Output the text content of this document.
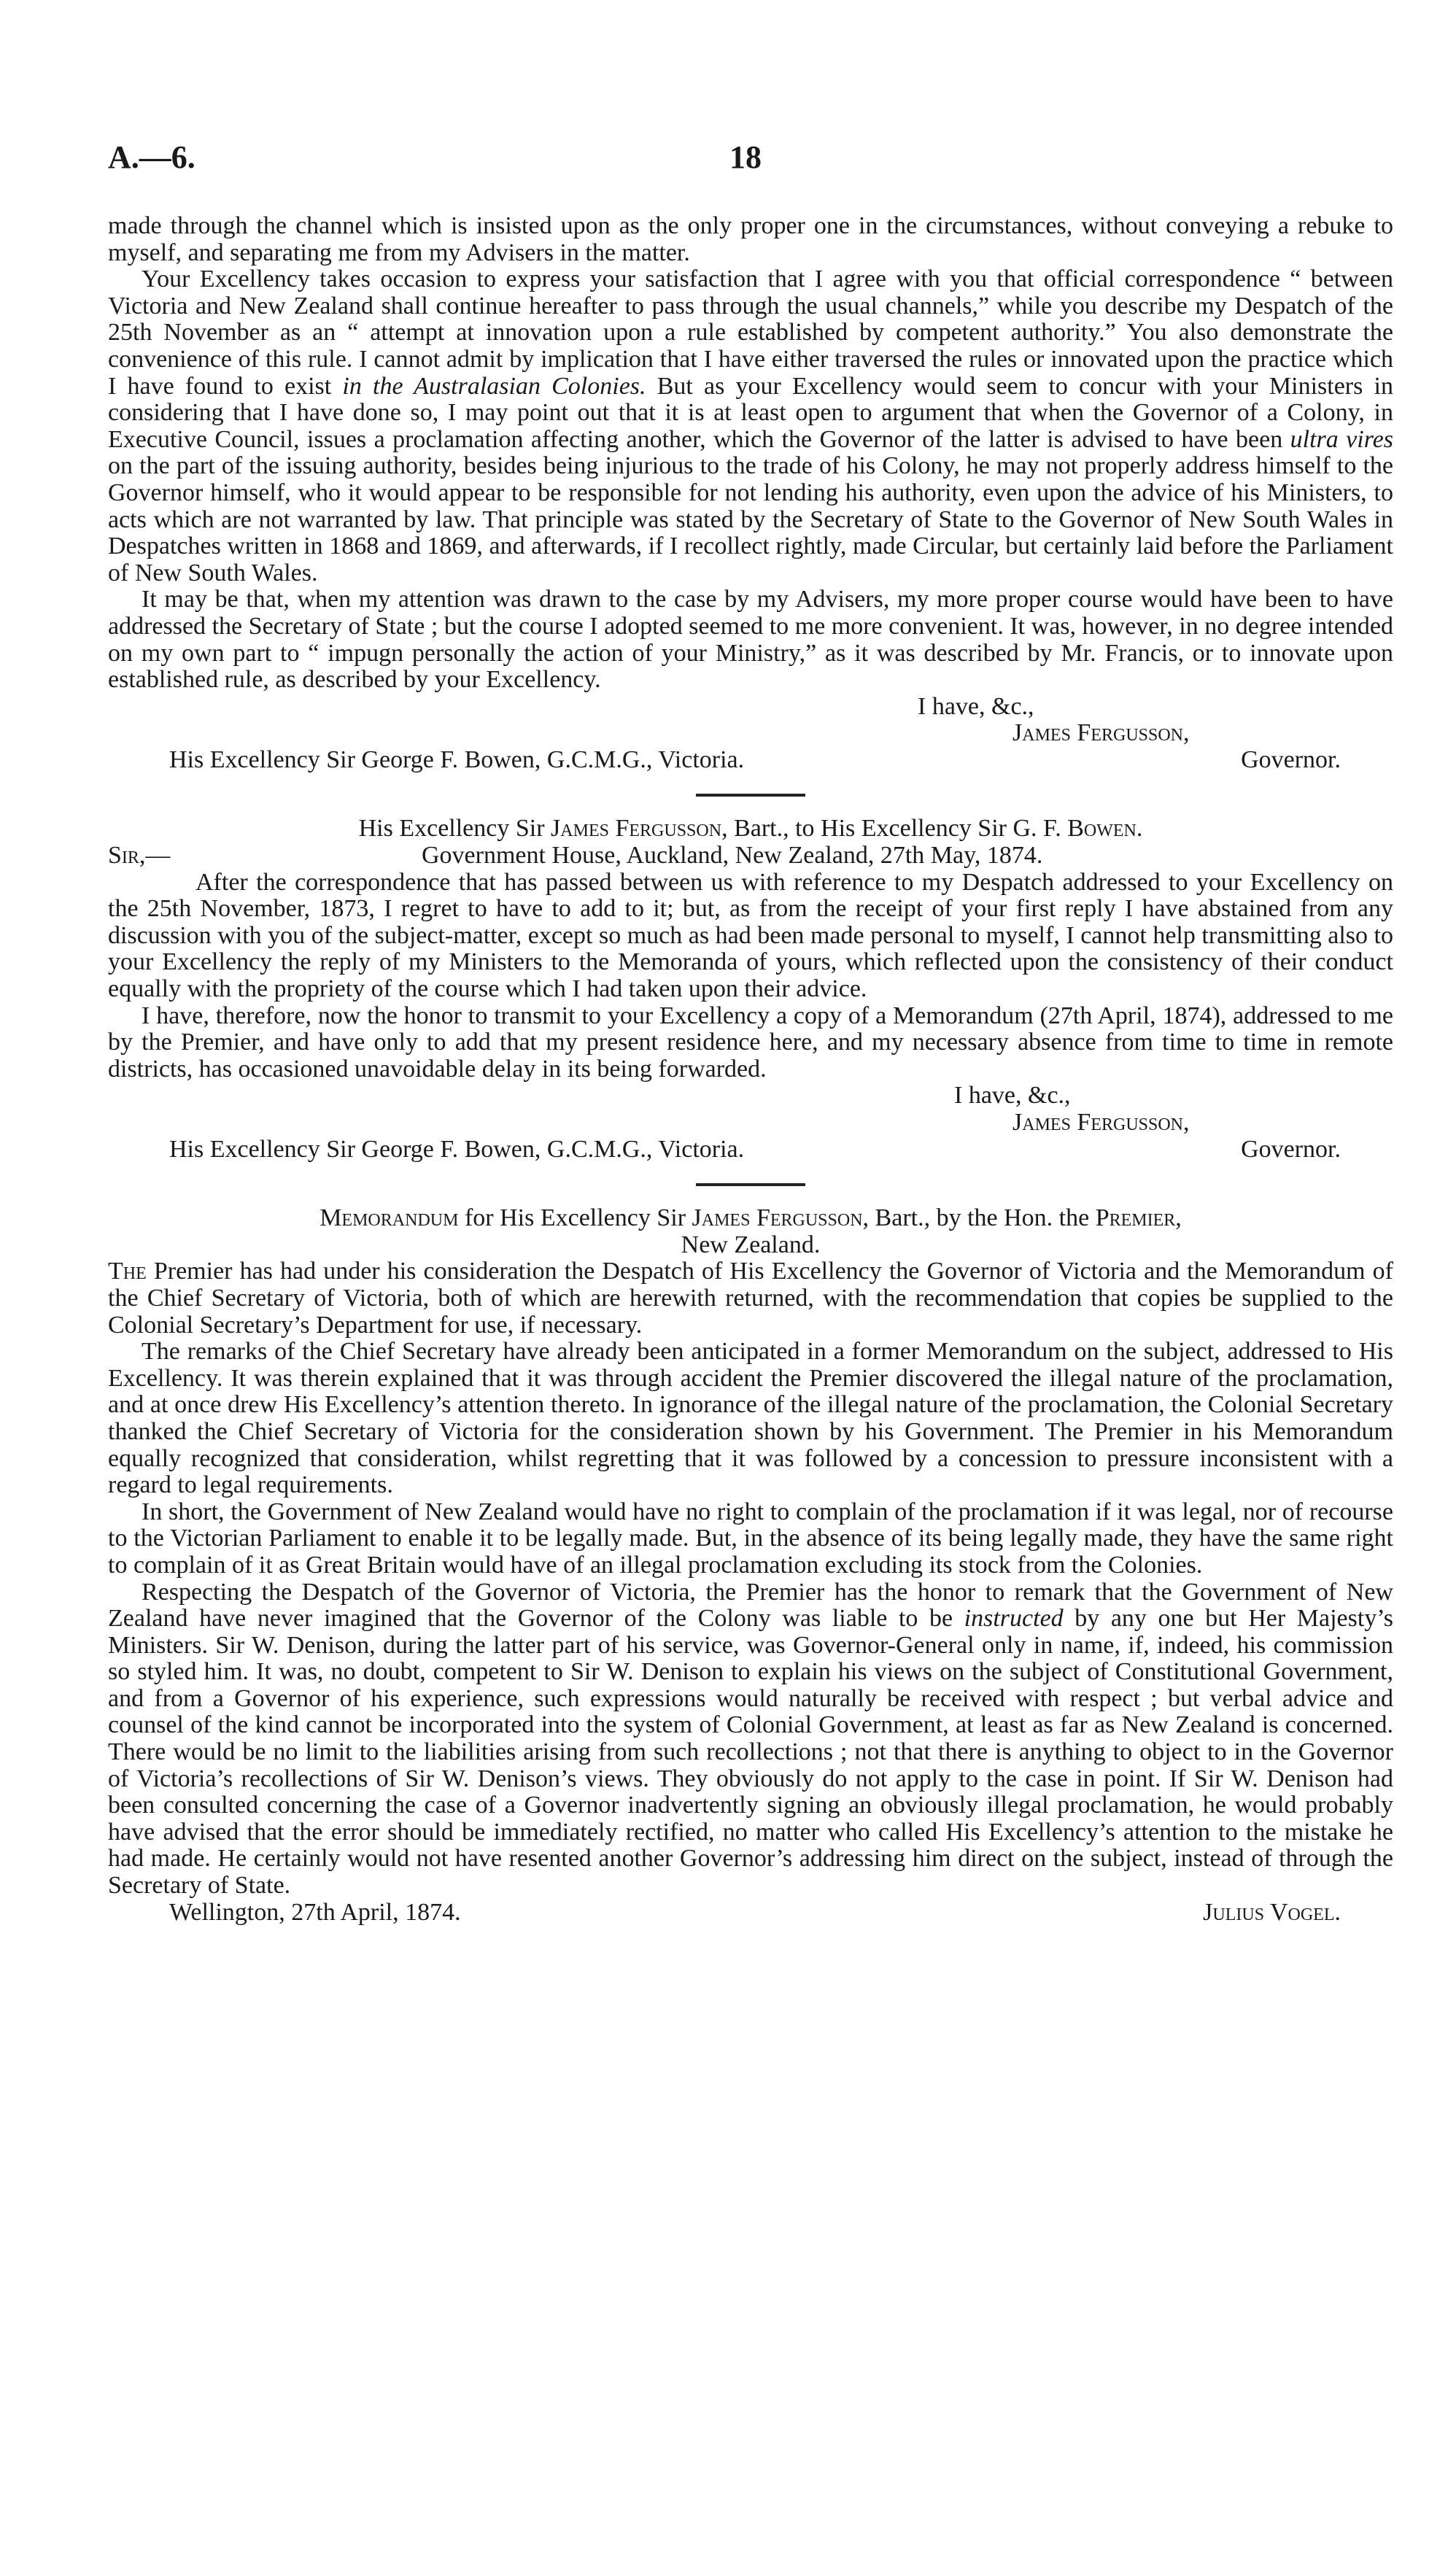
A.—6.	18

made through the channel which is insisted upon as the only proper one in the circumstances, without conveying a rebuke to myself, and separating me from my Advisers in the matter.

Your Excellency takes occasion to express your satisfaction that I agree with you that official correspondence “ between Victoria and New Zealand shall continue hereafter to pass through the usual channels,” while you describe my Despatch of the 25th November as an “ attempt at innovation upon a rule established by competent authority.” You also demonstrate the convenience of this rule. I cannot admit by implication that I have either traversed the rules or innovated upon the practice which I have found to exist in the Australasian Colonies. But as your Excellency would seem to concur with your Ministers in considering that I have done so, I may point out that it is at least open to argument that when the Governor of a Colony, in Executive Council, issues a proclamation affecting another, which the Governor of the latter is advised to have been ultra vires on the part of the issuing authority, besides being injurious to the trade of his Colony, he may not properly address himself to the Governor himself, who it would appear to be responsible for not lending his authority, even upon the advice of his Ministers, to acts which are not warranted by law. That principle was stated by the Secretary of State to the Governor of New South Wales in Despatches written in 1868 and 1869, and afterwards, if I recollect rightly, made Circular, but certainly laid before the Parliament of New South Wales.

It may be that, when my attention was drawn to the case by my Advisers, my more proper course would have been to have addressed the Secretary of State ; but the course I adopted seemed to me more convenient. It was, however, in no degree intended on my own part to “ impugn personally the action of your Ministry,” as it was described by Mr. Francis, or to innovate upon established rule, as described by your Excellency.

I have, &c.,
James Fergusson,
His Excellency Sir George F. Bowen, G.C.M.G., Victoria.	Governor.

His Excellency Sir James Fergusson, Bart., to His Excellency Sir G. F. Bowen.

Sir,—	Government House, Auckland, New Zealand, 27th May, 1874.

After the correspondence that has passed between us with reference to my Despatch addressed to your Excellency on the 25th November, 1873, I regret to have to add to it; but, as from the receipt of your first reply I have abstained from any discussion with you of the subject-matter, except so much as had been made personal to myself, I cannot help transmitting also to your Excellency the reply of my Ministers to the Memoranda of yours, which reflected upon the consistency of their conduct equally with the propriety of the course which I had taken upon their advice.

I have, therefore, now the honor to transmit to your Excellency a copy of a Memorandum (27th April, 1874), addressed to me by the Premier, and have only to add that my present residence here, and my necessary absence from time to time in remote districts, has occasioned unavoidable delay in its being forwarded.

I have, &c.,
James Fergusson,
His Excellency Sir George F. Bowen, G.C.M.G., Victoria.	Governor.

Memorandum for His Excellency Sir James Fergusson, Bart., by the Hon. the Premier,
New Zealand.

The Premier has had under his consideration the Despatch of His Excellency the Governor of Victoria and the Memorandum of the Chief Secretary of Victoria, both of which are herewith returned, with the recommendation that copies be supplied to the Colonial Secretary’s Department for use, if necessary.

The remarks of the Chief Secretary have already been anticipated in a former Memorandum on the subject, addressed to His Excellency. It was therein explained that it was through accident the Premier discovered the illegal nature of the proclamation, and at once drew His Excellency’s attention thereto. In ignorance of the illegal nature of the proclamation, the Colonial Secretary thanked the Chief Secretary of Victoria for the consideration shown by his Government. The Premier in his Memorandum equally recognized that consideration, whilst regretting that it was followed by a concession to pressure inconsistent with a regard to legal requirements.

In short, the Government of New Zealand would have no right to complain of the proclamation if it was legal, nor of recourse to the Victorian Parliament to enable it to be legally made. But, in the absence of its being legally made, they have the same right to complain of it as Great Britain would have of an illegal proclamation excluding its stock from the Colonies.

Respecting the Despatch of the Governor of Victoria, the Premier has the honor to remark that the Government of New Zealand have never imagined that the Governor of the Colony was liable to be instructed by any one but Her Majesty’s Ministers. Sir W. Denison, during the latter part of his service, was Governor-General only in name, if, indeed, his commission so styled him. It was, no doubt, competent to Sir W. Denison to explain his views on the subject of Constitutional Government, and from a Governor of his experience, such expressions would naturally be received with respect ; but verbal advice and counsel of the kind cannot be incorporated into the system of Colonial Government, at least as far as New Zealand is concerned. There would be no limit to the liabilities arising from such recollections ; not that there is anything to object to in the Governor of Victoria’s recollections of Sir W. Denison’s views. They obviously do not apply to the case in point. If Sir W. Denison had been consulted concerning the case of a Governor inadvertently signing an obviously illegal proclamation, he would probably have advised that the error should be immediately rectified, no matter who called His Excellency’s attention to the mistake he had made. He certainly would not have resented another Governor’s addressing him direct on the subject, instead of through the Secretary of State.

Wellington, 27th April, 1874.	Julius Vogel.
